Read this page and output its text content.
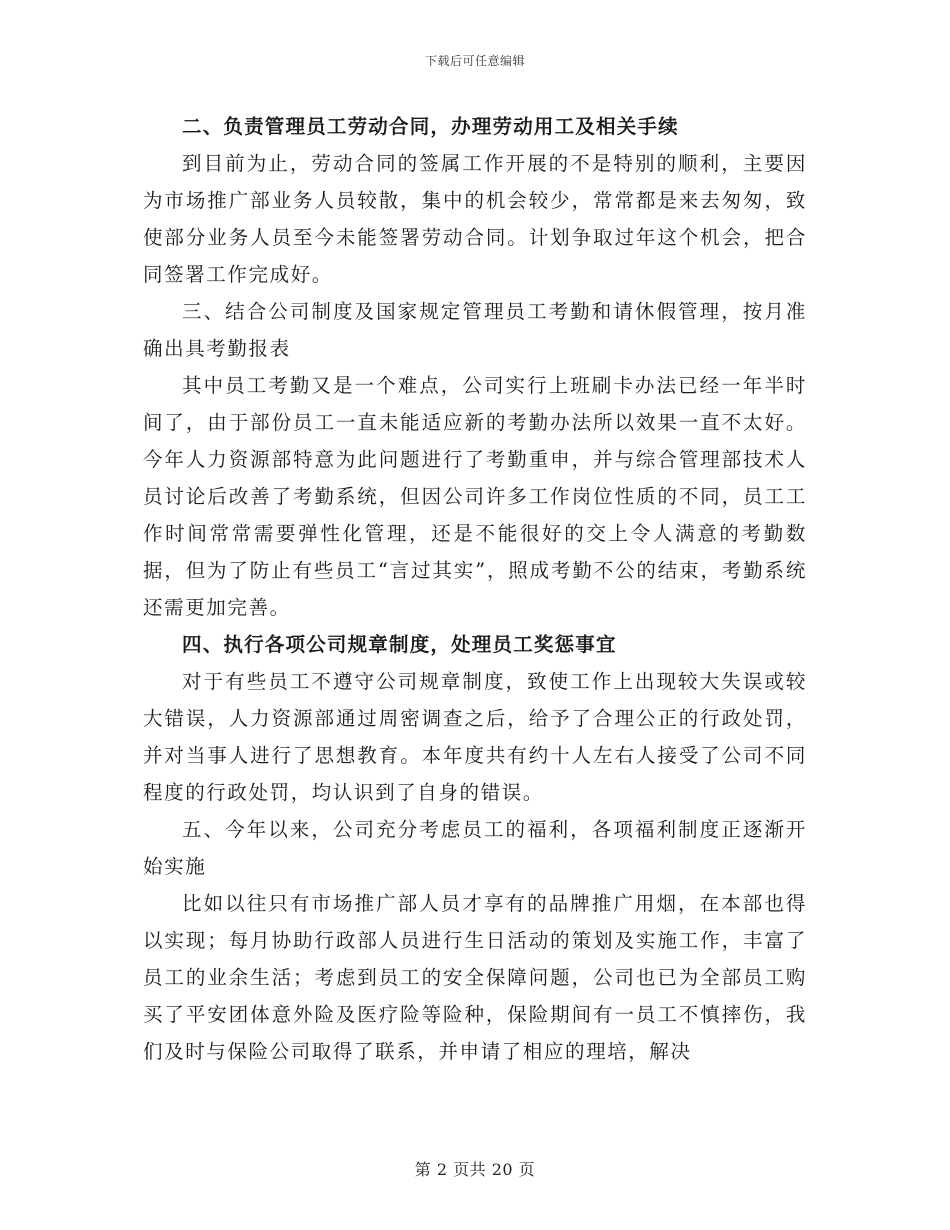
下载后可任意编辑

二、负责管理员工劳动合同，办理劳动用工及相关手续

到目前为止，劳动合同的签属工作开展的不是特别的顺利，主要因为市场推广部业务人员较散，集中的机会较少，常常都是来去匆匆，致使部分业务人员至今未能签署劳动合同。计划争取过年这个机会，把合同签署工作完成好。

三、结合公司制度及国家规定管理员工考勤和请休假管理，按月准确出具考勤报表

其中员工考勤又是一个难点，公司实行上班刷卡办法已经一年半时间了，由于部份员工一直未能适应新的考勤办法所以效果一直不太好。今年人力资源部特意为此问题进行了考勤重申，并与综合管理部技术人员讨论后改善了考勤系统，但因公司许多工作岗位性质的不同，员工工作时间常常需要弹性化管理，还是不能很好的交上令人满意的考勤数据，但为了防止有些员工“言过其实”，照成考勤不公的结束，考勤系统还需更加完善。

四、执行各项公司规章制度，处理员工奖惩事宜

对于有些员工不遵守公司规章制度，致使工作上出现较大失误或较大错误，人力资源部通过周密调查之后，给予了合理公正的行政处罚，并对当事人进行了思想教育。本年度共有约十人左右人接受了公司不同程度的行政处罚，均认识到了自身的错误。

五、今年以来，公司充分考虑员工的福利，各项福利制度正逐渐开始实施

比如以往只有市场推广部人员才享有的品牌推广用烟，在本部也得以实现；每月协助行政部人员进行生日活动的策划及实施工作，丰富了员工的业余生活；考虑到员工的安全保障问题，公司也已为全部员工购买了平安团体意外险及医疗险等险种，保险期间有一员工不慎摔伤，我们及时与保险公司取得了联系，并申请了相应的理培，解决

第 2 页共 20 页
